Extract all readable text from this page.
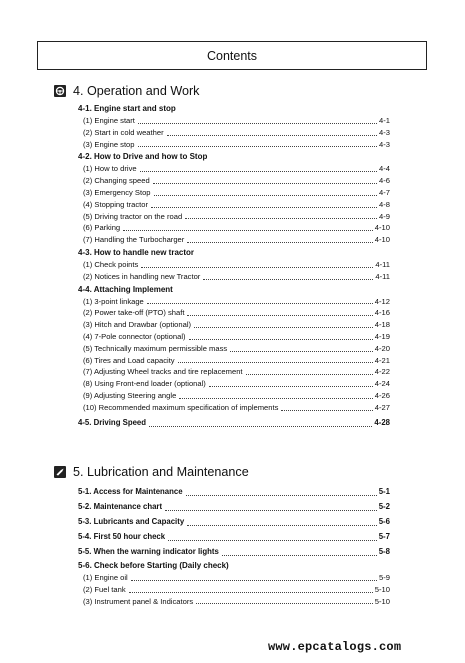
Contents
4. Operation and Work
4-1. Engine start and stop
(1) Engine start	4-1
(2) Start in cold weather	4-3
(3) Engine stop	4-3
4-2. How to Drive and how to Stop
(1) How to drive	4-4
(2) Changing speed	4-6
(3) Emergency Stop	4-7
(4) Stopping tractor	4-8
(5) Driving tractor on the road	4-9
(6) Parking	4-10
(7) Handling the Turbocharger	4-10
4-3. How to handle new tractor
(1) Check points	4-11
(2) Notices in handling new Tractor	4-11
4-4. Attaching Implement
(1) 3-point linkage	4-12
(2) Power take-off (PTO) shaft	4-16
(3) Hitch and Drawbar (optional)	4-18
(4) 7-Pole connector (optional)	4-19
(5) Technically maximum permissible mass	4-20
(6) Tires and Load capacity	4-21
(7) Adjusting Wheel tracks and tire replacement	4-22
(8) Using Front-end loader (optional)	4-24
(9) Adjusting Steering angle	4-26
(10) Recommended maximum specification of implements	4-27
4-5. Driving Speed	4-28
5. Lubrication and Maintenance
5-1. Access for Maintenance	5-1
5-2. Maintenance chart	5-2
5-3. Lubricants and Capacity	5-6
5-4. First 50 hour check	5-7
5-5. When the warning indicator lights	5-8
5-6. Check before Starting (Daily check)
(1) Engine oil	5-9
(2) Fuel tank	5-10
(3) Instrument panel & Indicators	5-10
www.epcatalogs.com
